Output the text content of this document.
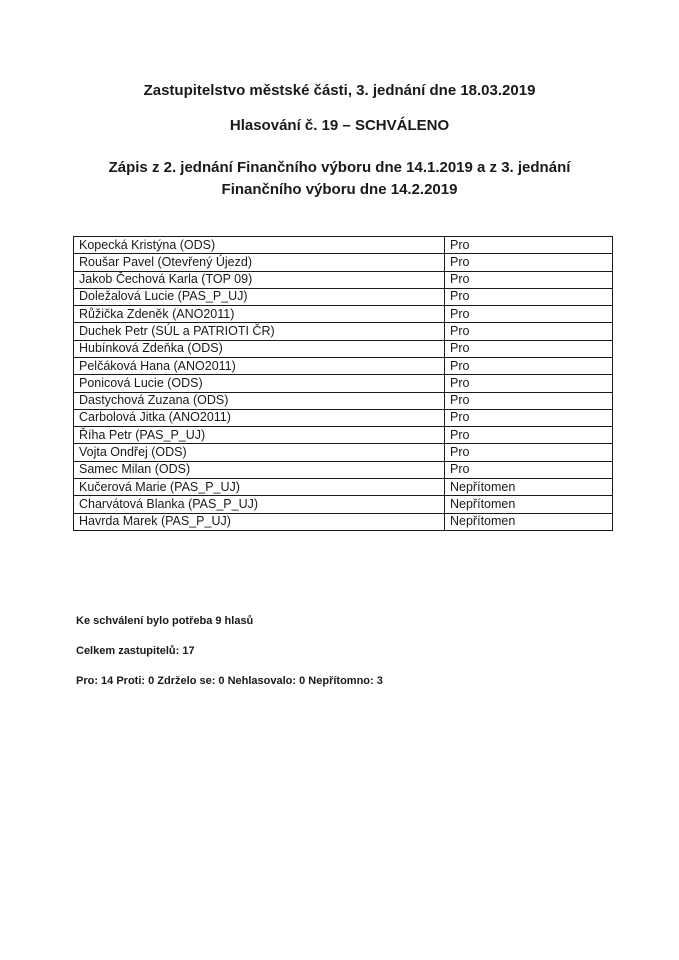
Zastupitelstvo městské části, 3. jednání dne 18.03.2019

Hlasování č. 19 – SCHVÁLENO

Zápis z 2. jednání Finančního výboru dne 14.1.2019 a z 3. jednání Finančního výboru dne 14.2.2019

Kopecká Kristýna (ODS)	Pro
Roušar Pavel (Otevřený Újezd)	Pro
Jakob Čechová Karla (TOP 09)	Pro
Doležalová Lucie (PAS_P_UJ)	Pro
Růžička Zdeněk (ANO2011)	Pro
Duchek Petr (SÚL a PATRIOTI ČR)	Pro
Hubínková Zdeňka (ODS)	Pro
Pelčáková Hana (ANO2011)	Pro
Ponicová Lucie (ODS)	Pro
Dastychová Zuzana (ODS)	Pro
Carbolová Jitka (ANO2011)	Pro
Říha Petr (PAS_P_UJ)	Pro
Vojta Ondřej (ODS)	Pro
Samec Milan (ODS)	Pro
Kučerová Marie (PAS_P_UJ)	Nepřítomen
Charvátová Blanka (PAS_P_UJ)	Nepřítomen
Havrda Marek (PAS_P_UJ)	Nepřítomen

Ke schválení bylo potřeba 9 hlasů

Celkem zastupitelů: 17

Pro: 14 Proti: 0 Zdrželo se: 0 Nehlasovalo: 0 Nepřítomno: 3
